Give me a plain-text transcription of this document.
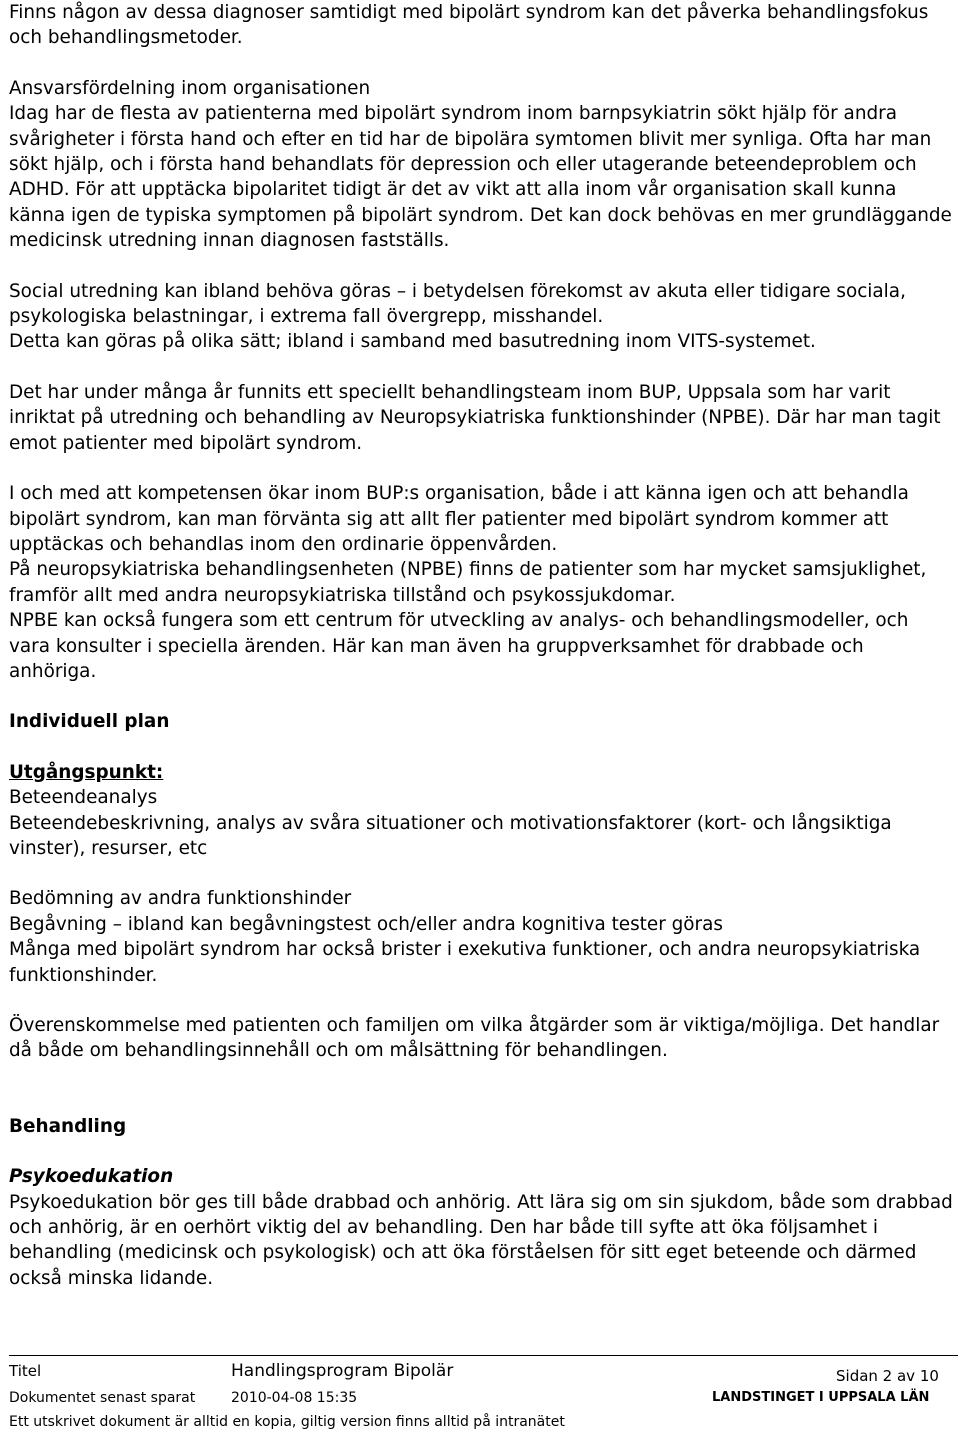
Finns någon av dessa diagnoser samtidigt med bipolärt syndrom kan det påverka behandlingsfokus och behandlingsmetoder.

Ansvarsfördelning inom organisationen

Idag har de flesta av patienterna med bipolärt syndrom inom barnpsykiatrin sökt hjälp för andra svårigheter i första hand och efter en tid har de bipolära symtomen blivit mer synliga. Ofta har man sökt hjälp, och i första hand behandlats för depression och eller utagerande beteendeproblem och ADHD. För att upptäcka bipolaritet tidigt är det av vikt att alla inom vår organisation skall kunna känna igen de typiska symptomen på bipolärt syndrom. Det kan dock behövas en mer grundläggande medicinsk utredning innan diagnosen fastställs.

Social utredning kan ibland behöva göras – i betydelsen förekomst av akuta eller tidigare sociala, psykologiska belastningar, i extrema fall övergrepp, misshandel.

Detta kan göras på olika sätt; ibland i samband med basutredning inom VITS-systemet.

Det har under många år funnits ett speciellt behandlingsteam inom BUP, Uppsala som har varit inriktat på utredning och behandling av Neuropsykiatriska funktionshinder (NPBE). Där har man tagit emot patienter med bipolärt syndrom.

I och med att kompetensen ökar inom BUP:s organisation, både i att känna igen och att behandla bipolärt syndrom, kan man förvänta sig att allt fler patienter med bipolärt syndrom kommer att upptäckas och behandlas inom den ordinarie öppenvården.

På neuropsykiatriska behandlingsenheten (NPBE) finns de patienter som har mycket samsjuklighet, framför allt med andra neuropsykiatriska tillstånd och psykossjukdomar.

NPBE kan också fungera som ett centrum för utveckling av analys- och behandlingsmodeller, och vara konsulter i speciella ärenden. Här kan man även ha gruppverksamhet för drabbade och anhöriga.

Individuell plan

Utgångspunkt:

Beteendeanalys

Beteendebeskrivning, analys av svåra situationer och motivationsfaktorer (kort- och långsiktiga vinster), resurser, etc

Bedömning av andra funktionshinder

Begåvning – ibland kan begåvningstest och/eller andra kognitiva tester göras

Många med bipolärt syndrom har också brister i exekutiva funktioner, och andra neuropsykiatriska funktionshinder.

Överenskommelse med patienten och familjen om vilka åtgärder som är viktiga/möjliga. Det handlar då både om behandlingsinnehåll och om målsättning för behandlingen.

Behandling

Psykoedukation

Psykoedukation bör ges till både drabbad och anhörig. Att lära sig om sin sjukdom, både som drabbad och anhörig, är en oerhört viktig del av behandling. Den har både till syfte att öka följsamhet i behandling (medicinsk och psykologisk) och att öka förståelsen för sitt eget beteende och därmed också minska lidande.

Titel	Handlingsprogram Bipolär	Sidan 2 av 10
Dokumentet senast sparat	2010-04-08 15:35	LANDSTINGET I UPPSALA LÄN
Ett utskrivet dokument är alltid en kopia, giltig version finns alltid på intranätet
